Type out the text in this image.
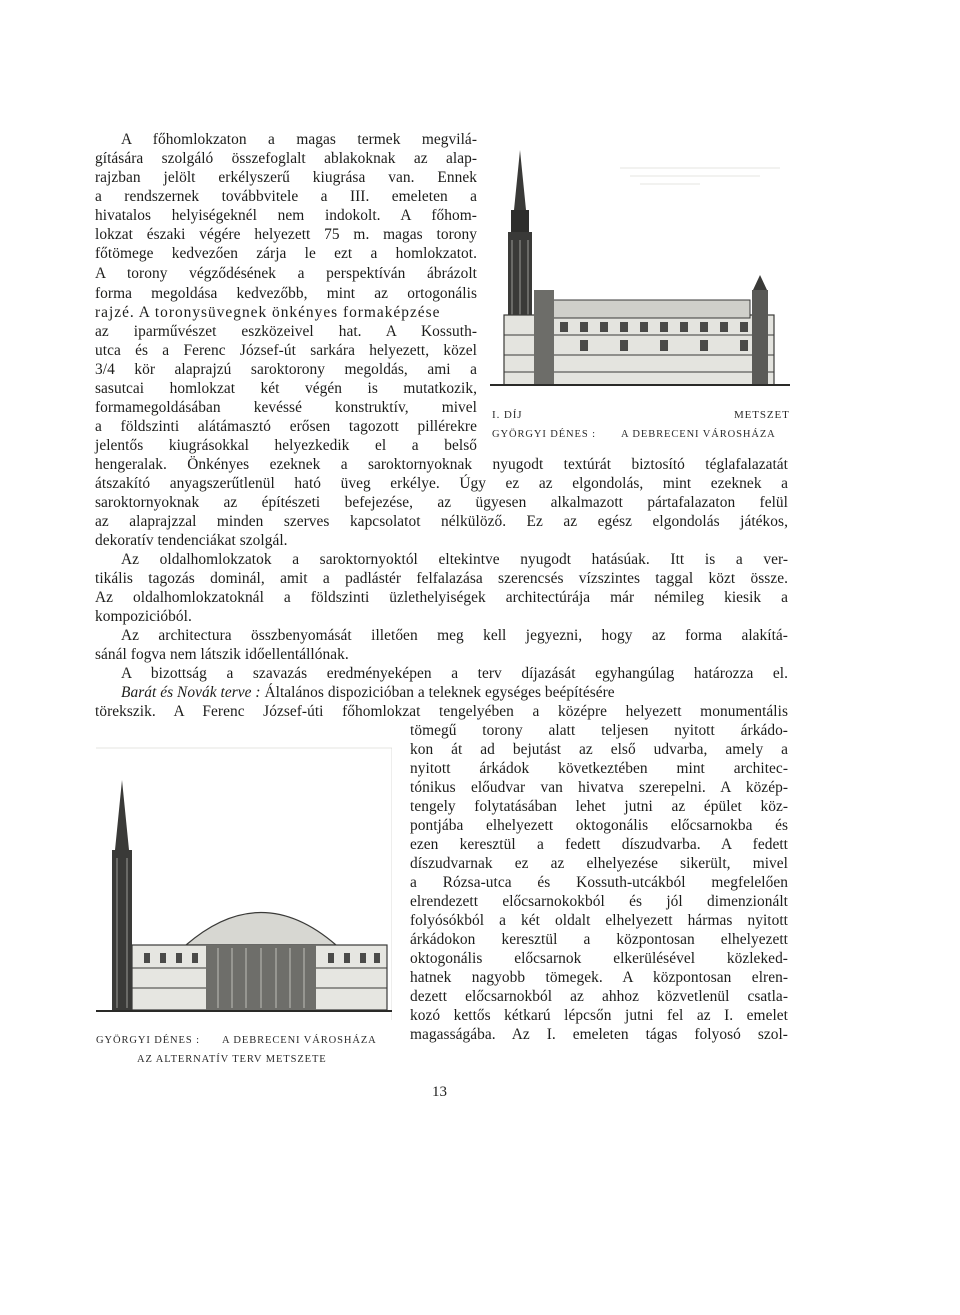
A főhomlokzaton a magas termek megvilá-

gítására szolgáló összefoglalt ablakoknak az alap-

rajzban jelölt erkélyszerű kiugrása van. Ennek

a rendszernek továbbvitele a III. emeleten a

hivatalos helyiségeknél nem indokolt. A főhom-

lokzat északi végére helyezett 75 m. magas torony

főtömege kedvezően zárja le ezt a homlokzatot.

A torony végződésének a perspektíván ábrázolt

forma megoldása kedvezőbb, mint az ortogonális

rajzé. A toronysüvegnek önkényes formaképzése

az iparművészet eszközeivel hat. A Kossuth-

utca és a Ferenc József-út sarkára helyezett, közel

3/4 kör alaprajzú saroktorony megoldás, ami a

sasutcai homlokzat két végén is mutatkozik,

formamegoldásában kevéssé konstruktív, mivel

a földszinti alátámasztó erősen tagozott pillérekre

jelentős kiugrásokkal helyezkedik el a belső

I. DÍJ	METSZET
GYÖRGYI DÉNES : A DEBRECENI VÁROSHÁZA

hengeralak. Önkényes ezeknek a saroktornyoknak nyugodt textúrát biztosító téglafalazatát

átszakító anyagszerűtlenül ható üveg erkélye. Úgy ez az elgondolás, mint ezeknek a

saroktornyoknak az építészeti befejezése, az ügyesen alkalmazott pártafalazaton felül

az alaprajzzal minden szerves kapcsolatot nélkülöző. Ez az egész elgondolás játékos,

dekoratív tendenciákat szolgál.

Az oldalhomlokzatok a saroktornyoktól eltekintve nyugodt hatásúak. Itt is a ver-

tikális tagozás dominál, amit a padlástér felfalazása szerencsés vízszintes taggal közt össze.

Az oldalhomlokzatoknál a földszinti üzlethelyiségek architectúrája már némileg kiesik a

kompozicióból.

Az architectura összbenyomását illetően meg kell jegyezni, hogy az forma alakítá-

sánál fogva nem látszik időellentállónak.

A bizottság a szavazás eredményeképen a terv díjazását egyhangúlag határozza el.

Barát és Novák terve : Általános dispozicióban a teleknek egységes beépítésére

törekszik. A Ferenc József-úti főhomlokzat tengelyében a középre helyezett monumentális

GYÖRGYI DÉNES : A DEBRECENI VÁROSHÁZA
AZ ALTERNATÍV TERV METSZETE

tömegű torony alatt teljesen nyitott árkádo-

kon át ad bejutást az első udvarba, amely a

nyitott árkádok következtében mint architec-

tónikus előudvar van hivatva szerepelni. A közép-

tengely folytatásában lehet jutni az épület köz-

pontjába elhelyezett oktogonális előcsarnokba és

ezen keresztül a fedett díszudvarba. A fedett

díszudvarnak ez az elhelyezése sikerült, mivel

a Rózsa-utca és Kossuth-utcákból megfelelően

elrendezett előcsarnokokból és jól dimenzionált

folyósókból a két oldalt elhelyezett hármas nyitott

árkádokon keresztül a központosan elhelyezett

oktogonális előcsarnok elkerülésével közleked-

hatnek nagyobb tömegek. A központosan elren-

dezett előcsarnokból az ahhoz közvetlenül csatla-

kozó kettős kétkarú lépcsőn jutni fel az I. emelet

magasságába. Az I. emeleten tágas folyosó szol-

13
